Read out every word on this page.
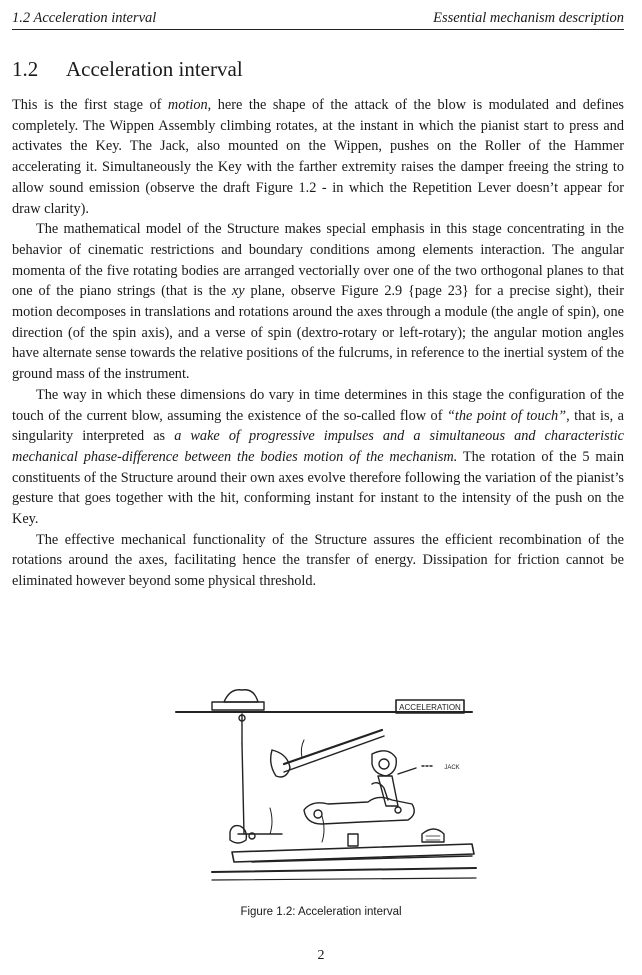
1.2 Acceleration interval	Essential mechanism description
1.2 Acceleration interval

This is the first stage of motion, here the shape of the attack of the blow is modulated and defines completely. The Wippen Assembly climbing rotates, at the instant in which the pianist start to press and activates the Key. The Jack, also mounted on the Wippen, pushes on the Roller of the Hammer accelerating it. Simultaneously the Key with the farther extremity raises the damper freeing the string to allow sound emission (observe the draft Figure 1.2 - in which the Repetition Lever doesn’t appear for draw clarity).

The mathematical model of the Structure makes special emphasis in this stage concentrating in the behavior of cinematic restrictions and boundary conditions among elements interaction. The angular momenta of the five rotating bodies are arranged vectorially over one of the two orthogonal planes to that one of the piano strings (that is the xy plane, observe Figure 2.9 {page 23} for a precise sight), their motion decomposes in translations and rotations around the axes through a module (the angle of spin), one direction (of the spin axis), and a verse of spin (dextro-rotary or left-rotary); the angular motion angles have alternate sense towards the relative positions of the fulcrums, in reference to the inertial system of the ground mass of the instrument.

The way in which these dimensions do vary in time determines in this stage the configuration of the touch of the current blow, assuming the existence of the so-called flow of “the point of touch”, that is, a singularity interpreted as a wake of progressive impulses and a simultaneous and characteristic mechanical phase-difference between the bodies motion of the mechanism. The rotation of the 5 main constituents of the Structure around their own axes evolve therefore following the variation of the pianist’s gesture that goes together with the hit, conforming instant for instant to the intensity of the push on the Key.

The effective mechanical functionality of the Structure assures the efficient recombination of the rotations around the axes, facilitating hence the transfer of energy. Dissipation for friction cannot be eliminated however beyond some physical threshold.

ACCELERATION
JACK
Figure 1.2: Acceleration interval
2
